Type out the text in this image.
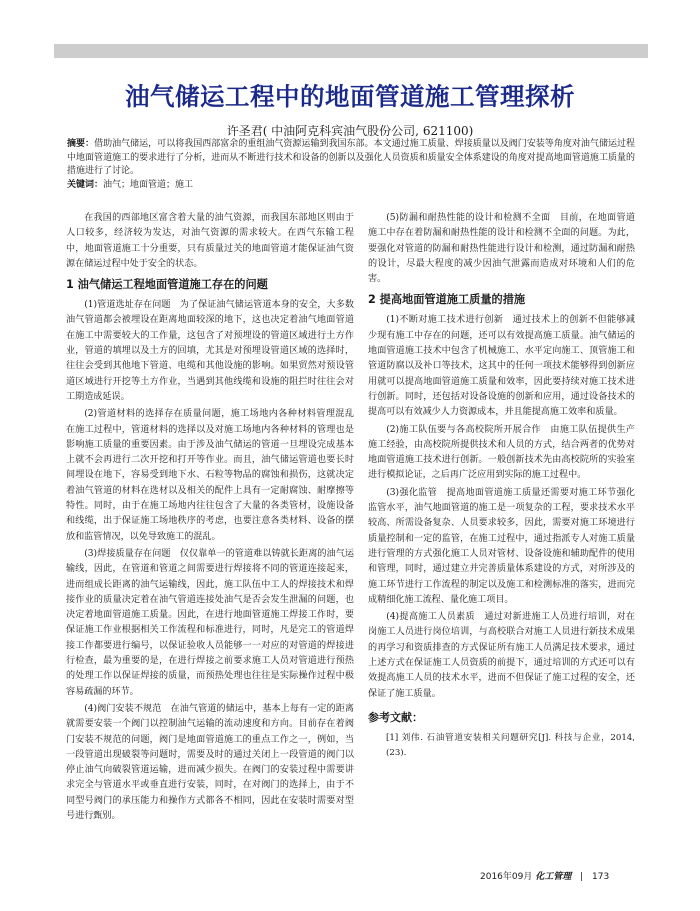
油气储运工程中的地面管道施工管理探析
许圣君( 中油阿克科宾油气股份公司, 621100)

摘要：借助油气储运，可以将我国西部富余的重组油气资源运输到我国东部。本文通过施工质量、焊接质量以及阀门安装等角度对油气储运过程中地面管道施工的要求进行了分析，进而从不断进行技术和设备的创新以及强化人员资质和质量安全体系建设的角度对提高地面管道施工质量的措施进行了讨论。

关键词：油气；地面管道；施工

在我国的西部地区富含着大量的油气资源，而我国东部地区则由于人口较多，经济较为发达，对油气资源的需求较大。在西气东输工程中，地面管道施工十分重要，只有质量过关的地面管道才能保证油气资源在储运过程中处于安全的状态。

1 油气储运工程地面管道施工存在的问题

(1)管道选址存在问题　为了保证油气储运管道本身的安全，大多数油气管道都会被埋设在距离地面较深的地下，这也决定着油气地面管道在施工中需要较大的工作量，这包含了对预埋设的管道区域进行土方作业，管道的填埋以及土方的回填，尤其是对预埋设管道区域的选择时，往往会受到其他地下管道、电缆和其他设施的影响。如果贸然对预设管道区域进行开挖等土方作业，当遇到其他线缆和设施的阻拦时往往会对工期造成延误。

(2)管道材料的选择存在质量问题，施工场地内各种材料管理混乱　在施工过程中，管道材料的选择以及对施工场地内各种材料的管理也是影响施工质量的重要因素。由于涉及油气储运的管道一旦埋设完成基本上就不会再进行二次开挖和打开等作业。而且，油气储运管道也要长时间埋设在地下，容易受到地下水、石粒等物品的腐蚀和损伤，这就决定着油气管道的材料在选材以及相关的配件上具有一定耐腐蚀、耐摩擦等特性。同时，由于在施工场地内往往包含了大量的各类管材，设施设备和线缆，出于保证施工场地秩序的考虑，也要注意各类材料、设备的摆放和监管情况，以免导致施工的混乱。

(3)焊接质量存在问题　仅仅靠单一的管道难以铸就长距离的油气运输线，因此，在管道和管道之间需要进行焊接将不同的管道连接起来，进而组成长距离的油气运输线，因此，施工队伍中工人的焊接技术和焊接作业的质量决定着在油气管道连接处油气是否会发生泄漏的问题，也决定着地面管道施工质量。因此，在进行地面管道施工焊接工作时，要保证施工作业根据相关工作流程和标准进行，同时，凡是完工的管道焊接工作都要进行编号，以保证验收人员能够一一对应的对管道的焊接进行检查，最为重要的是，在进行焊接之前要求施工人员对管道进行预热的处理工作以保证焊接的质量，而预热处理也往往是实际操作过程中极容易疏漏的环节。

(4)阀门安装不规范　在油气管道的储运中，基本上每有一定的距离就需要安装一个阀门以控制油气运输的流动速度和方向。目前存在着阀门安装不规范的问题，阀门是地面管道施工的重点工作之一，例如，当一段管道出现破裂等问题时，需要及时的通过关闭上一段管道的阀门以停止油气向破裂管道运输，进而减少损失。在阀门的安装过程中需要讲求完全与管道水平或垂直进行安装，同时，在对阀门的选择上，由于不同型号阀门的承压能力和操作方式都各不相同，因此在安装时需要对型号进行甄别。

(5)防漏和耐热性能的设计和检测不全面　目前，在地面管道施工中存在着防漏和耐热性能的设计和检测不全面的问题。为此，要强化对管道的防漏和耐热性能进行设计和检测，通过防漏和耐热的设计，尽最大程度的减少因油气泄露而造成对环境和人们的危害。

2 提高地面管道施工质量的措施

(1)不断对施工技术进行创新　通过技术上的创新不但能够减少现有施工中存在的问题，还可以有效提高施工质量。油气储运的地面管道施工技术中包含了机械施工、水平定向施工、顶管施工和管道防腐以及补口等技术，这其中的任何一项技术能够得到创新应用就可以提高地面管道施工质量和效率，因此要持续对施工技术进行创新。同时，还包括对设备设施的创新和应用，通过设备技术的提高可以有效减少人力资源成本，并且能提高施工效率和质量。

(2)施工队伍要与各高校院所开展合作　由施工队伍提供生产施工经验，由高校院所提供技术和人员的方式，结合两者的优势对地面管道施工技术进行创新。一般创新技术先由高校院所的实验室进行模拟论证，之后再广泛应用到实际的施工过程中。

(3)强化监管　提高地面管道施工质量还需要对施工环节强化监管水平，油气地面管道的施工是一项复杂的工程，要求技术水平较高、所需设备复杂、人员要求较多，因此，需要对施工环境进行质量控制和一定的监管，在施工过程中，通过指派专人对施工质量进行管理的方式强化施工人员对管材、设备设施和辅助配件的使用和管理，同时，通过建立并完善质量体系建设的方式，对所涉及的施工环节进行工作流程的制定以及施工和检测标准的落实，进而完成精细化施工流程、量化施工项目。

(4)提高施工人员素质　通过对新进施工人员进行培训，对在岗施工人员进行岗位培训，与高校联合对施工人员进行新技术成果的再学习和资质排查的方式保证所有施工人员满足技术要求，通过上述方式在保证施工人员资质的前提下，通过培训的方式还可以有效提高施工人员的技术水平，进而不但保证了施工过程的安全，还保证了施工质量。

参考文献：

[1] 刘伟. 石油管道安装相关问题研究[J]. 科技与企业，2014, (23).

2016年09月 化工管理 | 173
